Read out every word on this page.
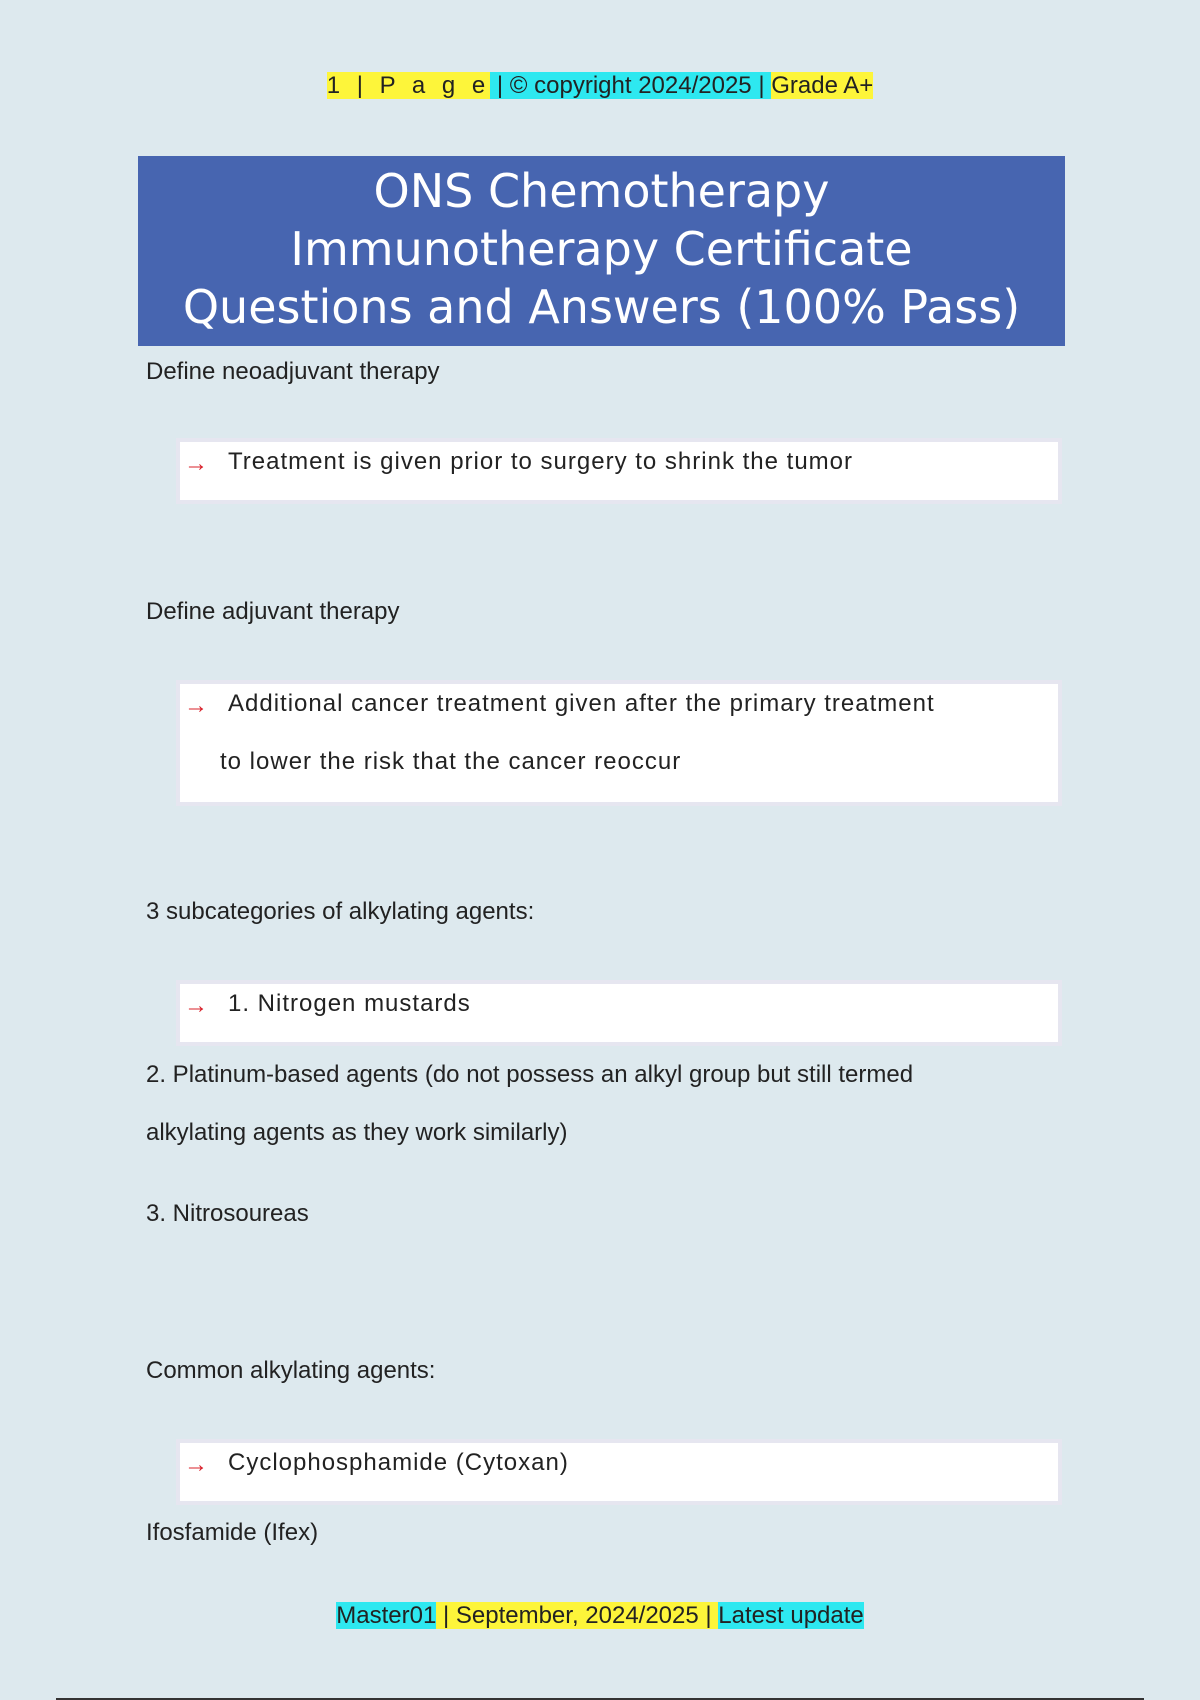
1 | P a g e | © copyright 2024/2025 | Grade A+
ONS Chemotherapy
Immunotherapy Certificate
Questions and Answers (100% Pass)
Define neoadjuvant therapy
→ Treatment is given prior to surgery to shrink the tumor
Define adjuvant therapy
→ Additional cancer treatment given after the primary treatment
to lower the risk that the cancer reoccur
3 subcategories of alkylating agents:
→ 1. Nitrogen mustards
2. Platinum-based agents (do not possess an alkyl group but still termed
alkylating agents as they work similarly)
3. Nitrosoureas
Common alkylating agents:
→ Cyclophosphamide (Cytoxan)
Ifosfamide (Ifex)
Master01 | September, 2024/2025 | Latest update
